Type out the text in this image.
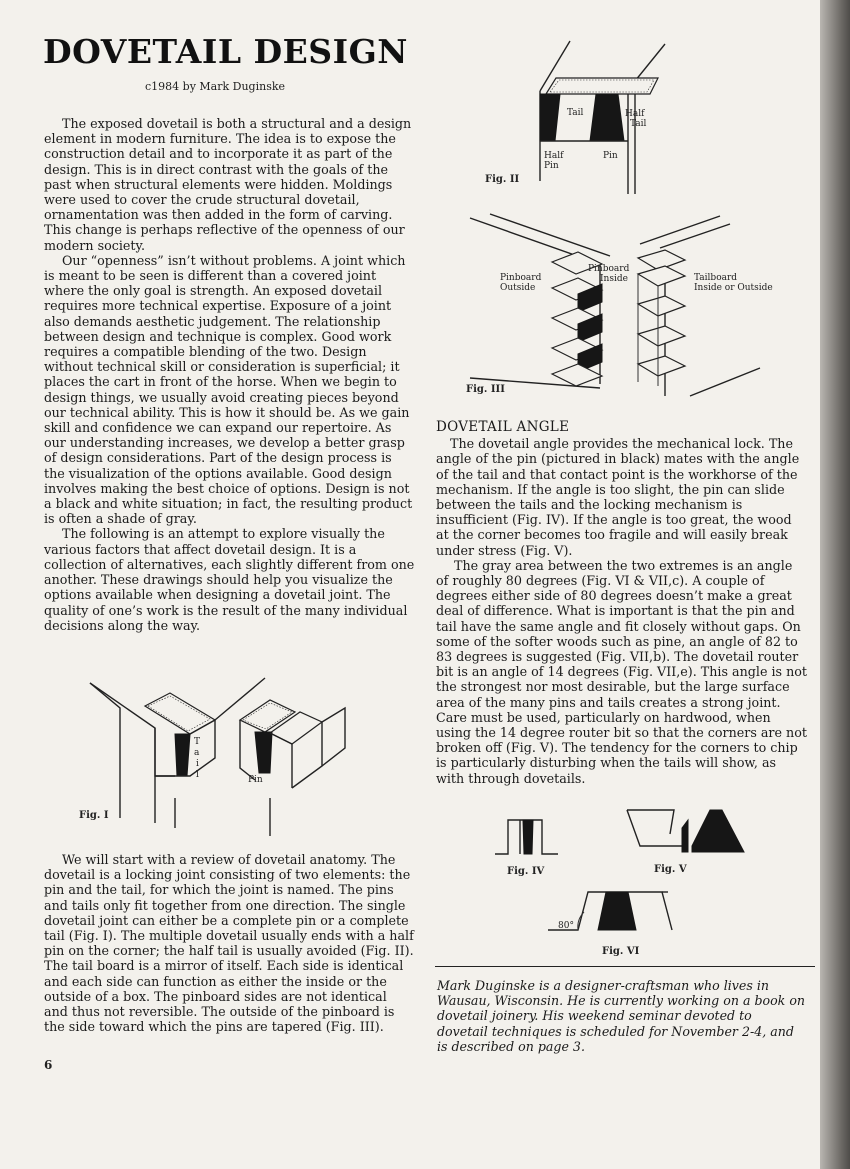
DOVETAIL DESIGN
c1984 by Mark Duginske

The exposed dovetail is both a structural and a design element in modern furniture. The idea is to expose the construction detail and to incorporate it as part of the design. This is in direct contrast with the goals of the past when structural elements were hidden. Moldings were used to cover the crude structural dovetail, ornamentation was then added in the form of carving. This change is perhaps reflective of the openness of our modern society.

Our “openness” isn’t without problems. A joint which is meant to be seen is different than a covered joint where the only goal is strength. An exposed dovetail requires more technical expertise. Exposure of a joint also demands aesthetic judgement. The relationship between design and technique is complex. Good work requires a compatible blending of the two. Design without technical skill or consideration is superficial; it places the cart in front of the horse. When we begin to design things, we usually avoid creating pieces beyond our technical ability. This is how it should be. As we gain skill and confidence we can expand our repertoire. As our understanding increases, we develop a better grasp of design considerations. Part of the design process is the visualization of the options available. Good design involves making the best choice of options. Design is not a black and white situation; in fact, the resulting product is often a shade of gray.

The following is an attempt to explore visually the various factors that affect dovetail design. It is a collection of alternatives, each slightly different from one another. These drawings should help you visualize the options available when designing a dovetail joint. The quality of one’s work is the result of the many individual decisions along the way.

T
a
i
l	Pin
Fig. I

We will start with a review of dovetail anatomy. The dovetail is a locking joint consisting of two elements: the pin and the tail, for which the joint is named. The pins and tails only fit together from one direction. The single dovetail joint can either be a complete pin or a complete tail (Fig. I). The multiple dovetail usually ends with a half pin on the corner; the half tail is usually avoided (Fig. II). The tail board is a mirror of itself. Each side is identical and each side can function as either the inside or the outside of a box. The pinboard sides are not identical and thus not reversible. The outside of the pinboard is the side toward which the pins are tapered (Fig. III).

Tail	Half
Tail
Half
Pin
Pin
Fig. II
Pinboard
Outside
Pinboard
Inside	Tailboard
Inside or Outside
Fig. III
DOVETAIL ANGLE

The dovetail angle provides the mechanical lock. The angle of the pin (pictured in black) mates with the angle of the tail and that contact point is the workhorse of the mechanism. If the angle is too slight, the pin can slide between the tails and the locking mechanism is insufficient (Fig. IV). If the angle is too great, the wood at the corner becomes too fragile and will easily break under stress (Fig. V).

The gray area between the two extremes is an angle of roughly 80 degrees (Fig. VI & VII,c). A couple of degrees either side of 80 degrees doesn’t make a great deal of difference. What is important is that the pin and tail have the same angle and fit closely without gaps. On some of the softer woods such as pine, an angle of 82 to 83 degrees is suggested (Fig. VII,b). The dovetail router bit is an angle of 14 degrees (Fig. VII,e). This angle is not the strongest nor most desirable, but the large surface area of the many pins and tails creates a strong joint. Care must be used, particularly on hardwood, when using the 14 degree router bit so that the corners are not broken off (Fig. V). The tendency for the corners to chip is particularly disturbing when the tails will show, as with through dovetails.

Fig. IV	Fig. V
80°
Fig. VI
Mark Duginske is a designer-craftsman who lives in Wausau, Wisconsin. He is currently working on a book on dovetail joinery. His weekend seminar devoted to dovetail techniques is scheduled for November 2-4, and is described on page 3.
6
